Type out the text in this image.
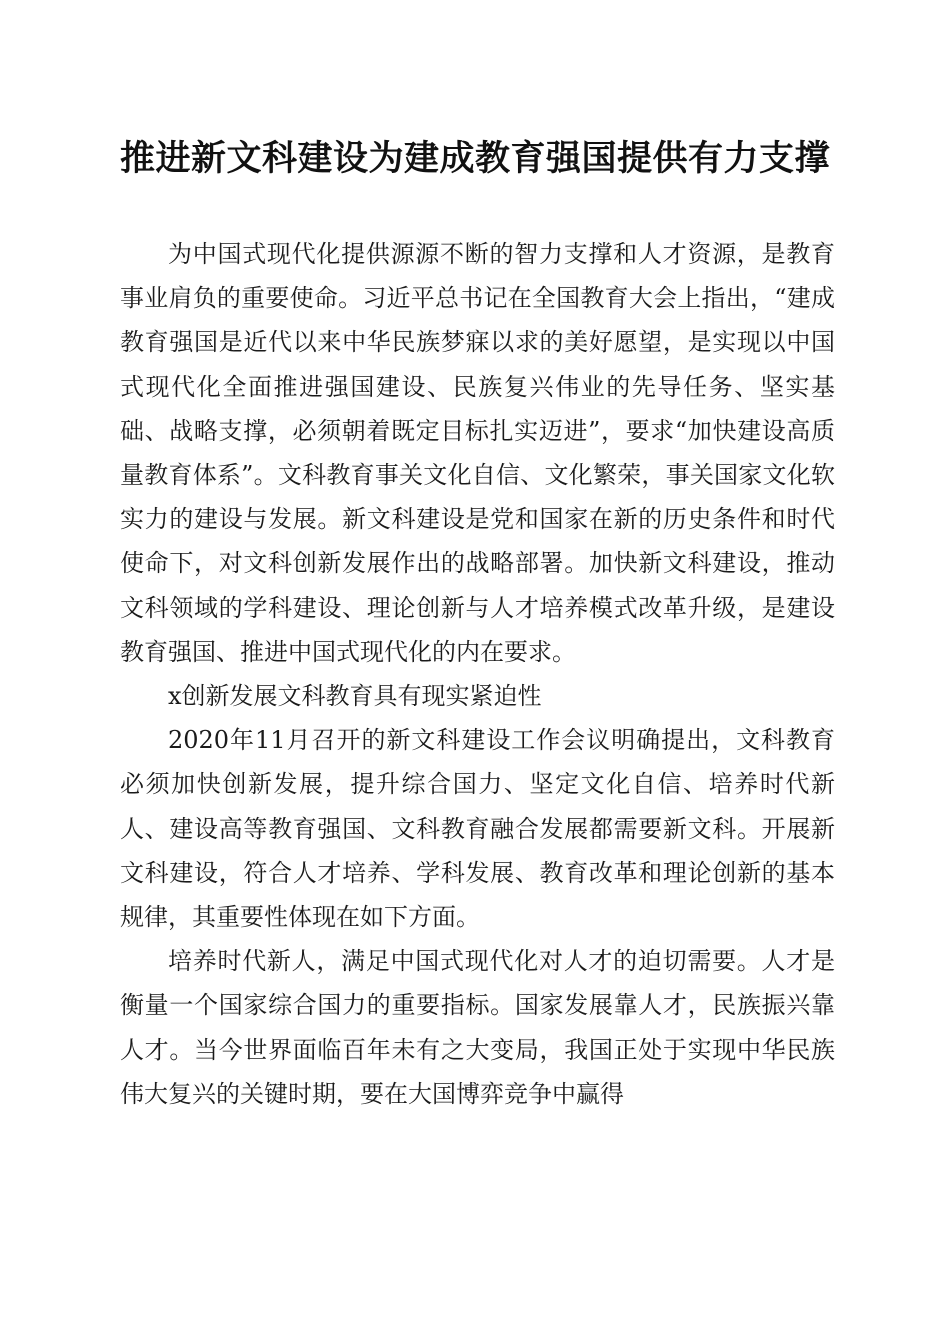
推进新文科建设为建成教育强国提供有力支撑

为中国式现代化提供源源不断的智力支撑和人才资源，是教育事业肩负的重要使命。习近平总书记在全国教育大会上指出，“建成教育强国是近代以来中华民族梦寐以求的美好愿望，是实现以中国式现代化全面推进强国建设、民族复兴伟业的先导任务、坚实基础、战略支撑，必须朝着既定目标扎实迈进”，要求“加快建设高质量教育体系”。文科教育事关文化自信、文化繁荣，事关国家文化软实力的建设与发展。新文科建设是党和国家在新的历史条件和时代使命下，对文科创新发展作出的战略部署。加快新文科建设，推动文科领域的学科建设、理论创新与人才培养模式改革升级，是建设教育强国、推进中国式现代化的内在要求。

x创新发展文科教育具有现实紧迫性

2020年11月召开的新文科建设工作会议明确提出，文科教育必须加快创新发展，提升综合国力、坚定文化自信、培养时代新人、建设高等教育强国、文科教育融合发展都需要新文科。开展新文科建设，符合人才培养、学科发展、教育改革和理论创新的基本规律，其重要性体现在如下方面。

培养时代新人，满足中国式现代化对人才的迫切需要。人才是衡量一个国家综合国力的重要指标。国家发展靠人才，民族振兴靠人才。当今世界面临百年未有之大变局，我国正处于实现中华民族伟大复兴的关键时期，要在大国博弈竞争中赢得
